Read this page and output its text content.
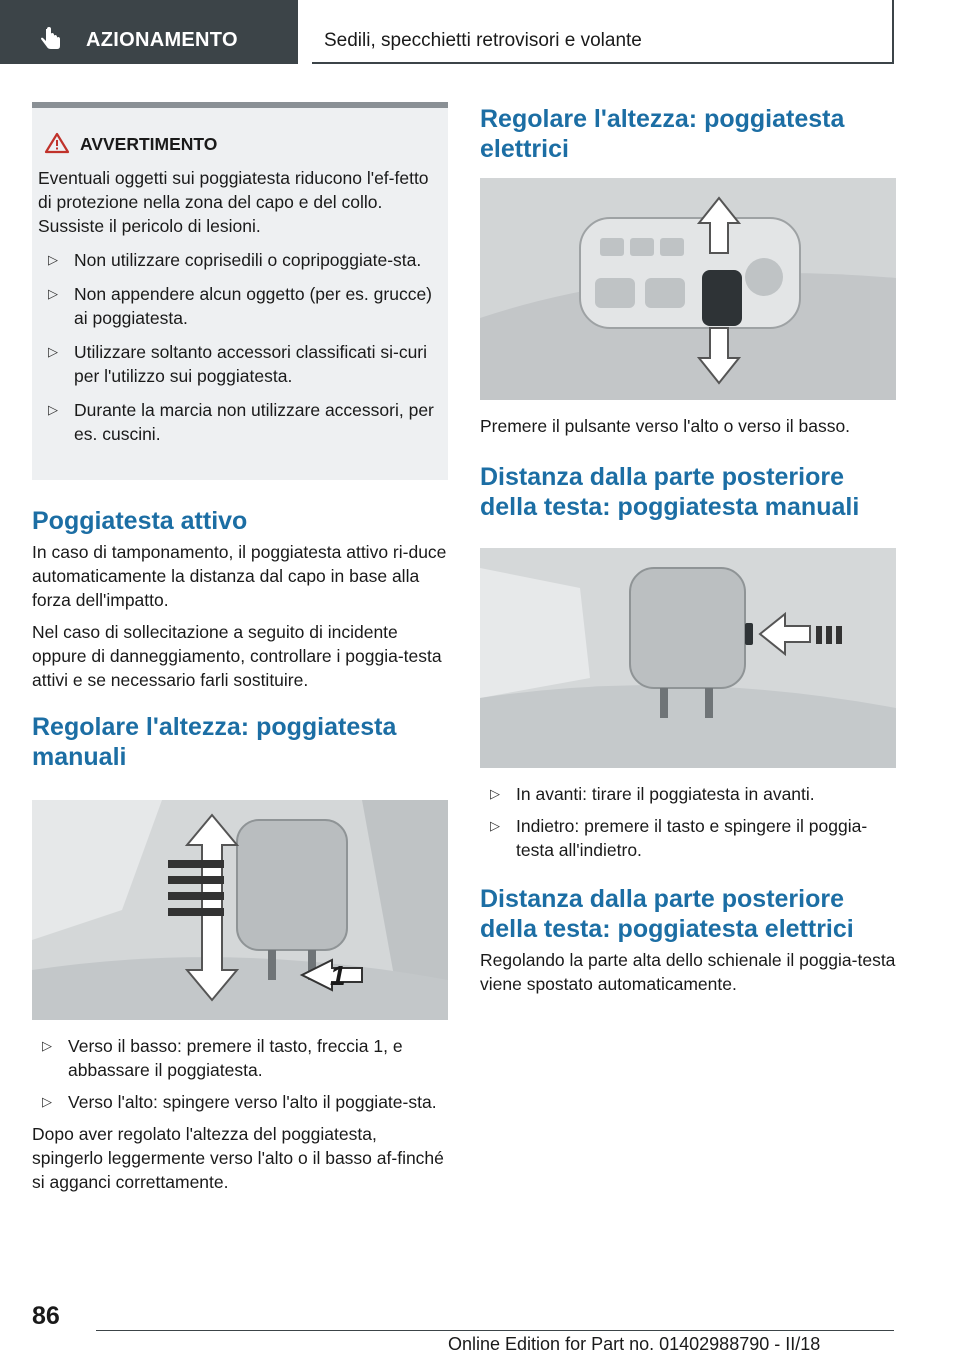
AZIONAMENTO	Sedili, specchietti retrovisori e volante
AVVERTIMENTO
Eventuali oggetti sui poggiatesta riducono l'ef-fetto di protezione nella zona del capo e del collo. Sussiste il pericolo di lesioni.
▷ Non utilizzare coprisedili o copripoggiate-sta.
▷ Non appendere alcun oggetto (per es. grucce) ai poggiatesta.
▷ Utilizzare soltanto accessori classificati si-curi per l'utilizzo sui poggiatesta.
▷ Durante la marcia non utilizzare accessori, per es. cuscini.
Poggiatesta attivo
In caso di tamponamento, il poggiatesta attivo ri-duce automaticamente la distanza dal capo in base alla forza dell'impatto.
Nel caso di sollecitazione a seguito di incidente oppure di danneggiamento, controllare i poggia-testa attivi e se necessario farli sostituire.
Regolare l'altezza: poggiatesta manuali
1
▷ Verso il basso: premere il tasto, freccia 1, e abbassare il poggiatesta.
▷ Verso l'alto: spingere verso l'alto il poggiate-sta.
Dopo aver regolato l'altezza del poggiatesta, spingerlo leggermente verso l'alto o il basso af-finché si agganci correttamente.
Regolare l'altezza: poggiatesta elettrici
Premere il pulsante verso l'alto o verso il basso.
Distanza dalla parte posteriore della testa: poggiatesta manuali
▷ In avanti: tirare il poggiatesta in avanti.
▷ Indietro: premere il tasto e spingere il poggia-testa all'indietro.
Distanza dalla parte posteriore della testa: poggiatesta elettrici
Regolando la parte alta dello schienale il poggia-testa viene spostato automaticamente.
86
Online Edition for Part no. 01402988790 - II/18
